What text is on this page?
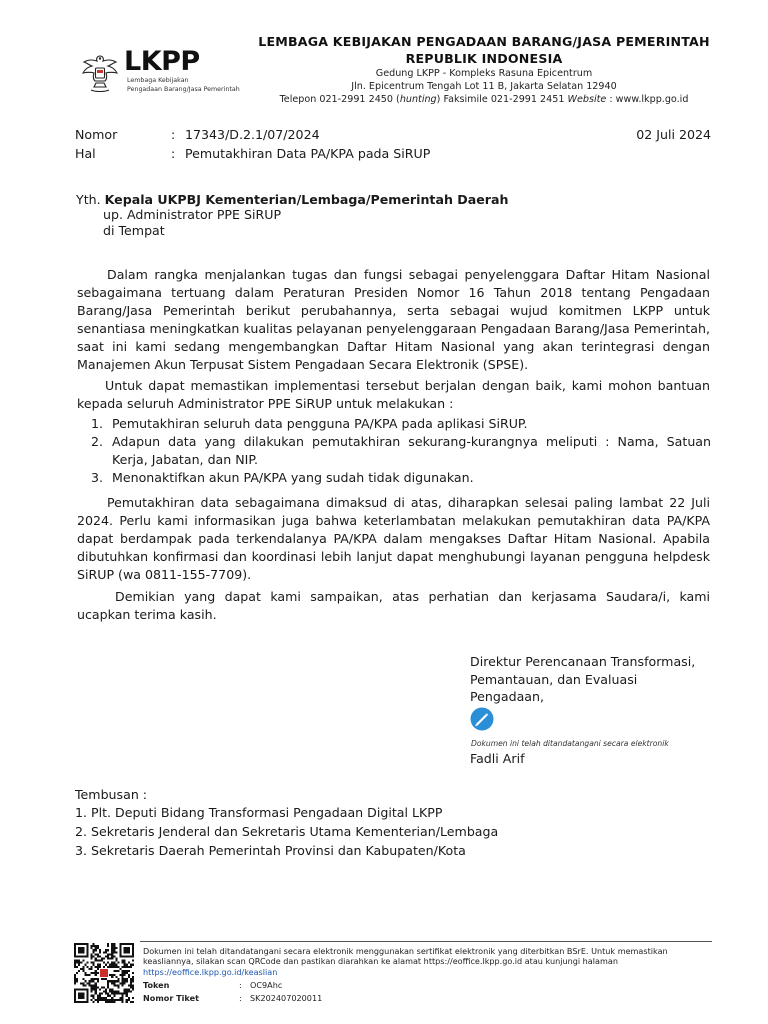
LKPP
Lembaga Kebijakan
Pengadaan Barang/Jasa Pemerintah
LEMBAGA KEBIJAKAN PENGADAAN BARANG/JASA PEMERINTAH
REPUBLIK INDONESIA
Gedung LKPP - Kompleks Rasuna Epicentrum
Jln. Epicentrum Tengah Lot 11 B, Jakarta Selatan 12940
Telepon 021-2991 2450 (hunting) Faksimile 021-2991 2451 Website : www.lkpp.go.id
Nomor	: 17343/D.2.1/07/2024
Hal	: Pemutakhiran Data PA/KPA pada SiRUP
02 Juli 2024
Yth. Kepala UKPBJ Kementerian/Lembaga/Pemerintah Daerah
up. Administrator PPE SiRUP
di Tempat
Dalam rangka menjalankan tugas dan fungsi sebagai penyelenggara Daftar Hitam Nasional sebagaimana tertuang dalam Peraturan Presiden Nomor 16 Tahun 2018 tentang Pengadaan Barang/Jasa Pemerintah berikut perubahannya, serta sebagai wujud komitmen LKPP untuk senantiasa meningkatkan kualitas pelayanan penyelenggaraan Pengadaan Barang/Jasa Pemerintah, saat ini kami sedang mengembangkan Daftar Hitam Nasional yang akan terintegrasi dengan Manajemen Akun Terpusat Sistem Pengadaan Secara Elektronik (SPSE).
Untuk dapat memastikan implementasi tersebut berjalan dengan baik, kami mohon bantuan kepada seluruh Administrator PPE SiRUP untuk melakukan :
1. Pemutakhiran seluruh data pengguna PA/KPA pada aplikasi SiRUP.
2. Adapun data yang dilakukan pemutakhiran sekurang-kurangnya meliputi : Nama, Satuan Kerja, Jabatan, dan NIP.
3. Menonaktifkan akun PA/KPA yang sudah tidak digunakan.
Pemutakhiran data sebagaimana dimaksud di atas, diharapkan selesai paling lambat 22 Juli 2024. Perlu kami informasikan juga bahwa keterlambatan melakukan pemutakhiran data PA/KPA dapat berdampak pada terkendalanya PA/KPA dalam mengakses Daftar Hitam Nasional. Apabila dibutuhkan konfirmasi dan koordinasi lebih lanjut dapat menghubungi layanan pengguna helpdesk SiRUP (wa 0811-155-7709).
Demikian yang dapat kami sampaikan, atas perhatian dan kerjasama Saudara/i, kami ucapkan terima kasih.
Direktur Perencanaan Transformasi,
Pemantauan, dan Evaluasi
Pengadaan,
Dokumen ini telah ditandatangani secara elektronik
Fadli Arif
Tembusan :
1. Plt. Deputi Bidang Transformasi Pengadaan Digital LKPP
2. Sekretaris Jenderal dan Sekretaris Utama Kementerian/Lembaga
3. Sekretaris Daerah Pemerintah Provinsi dan Kabupaten/Kota
Dokumen ini telah ditandatangani secara elektronik menggunakan sertifikat elektronik yang diterbitkan BSrE. Untuk memastikan
keasliannya, silakan scan QRCode dan pastikan diarahkan ke alamat https://eoffice.lkpp.go.id atau kunjungi halaman
https://eoffice.lkpp.go.id/keaslian
Token	: OC9Ahc
Nomor Tiket	: SK202407020011
